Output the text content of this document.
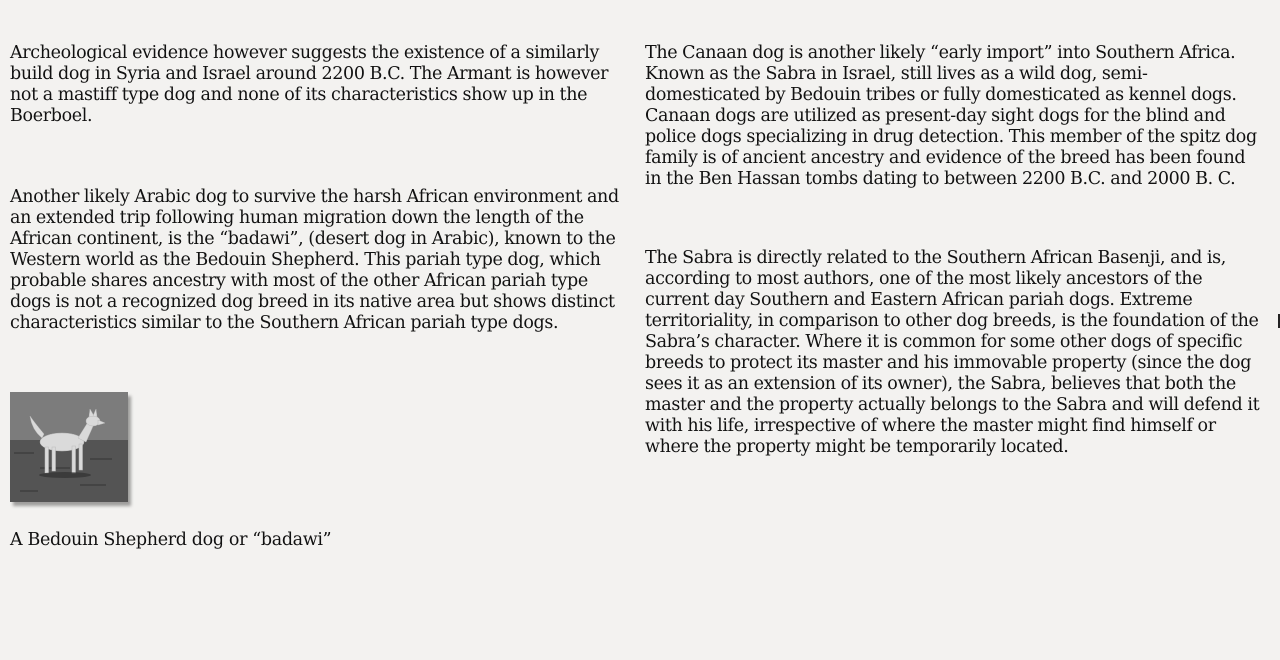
Archeological evidence however suggests the existence of a similarly build dog in Syria and Israel around 2200 B.C. The Armant is however not a mastiff type dog and none of its characteristics show up in the Boerboel.

Another likely Arabic dog to survive the harsh African environment and an extended trip following human migration down the length of the African continent, is the “badawi”, (desert dog in Arabic), known to the Western world as the Bedouin Shepherd. This pariah type dog, which probable shares ancestry with most of the other African pariah type dogs is not a recognized dog breed in its native area but shows distinct characteristics similar to the Southern African pariah type dogs.

A Bedouin Shepherd dog or “badawi”

The Canaan dog is another likely “early import” into Southern Africa. Known as the Sabra in Israel, still lives as a wild dog, semi-domesticated by Bedouin tribes or fully domesticated as kennel dogs. Canaan dogs are utilized as present-day sight dogs for the blind and police dogs specializing in drug detection. This member of the spitz dog family is of ancient ancestry and evidence of the breed has been found in the Ben Hassan tombs dating to between 2200 B.C. and 2000 B. C.

The Sabra is directly related to the Southern African Basenji, and is, according to most authors, one of the most likely ancestors of the current day Southern and Eastern African pariah dogs. Extreme territoriality, in comparison to other dog breeds, is the foundation of the Sabra’s character. Where it is common for some other dogs of specific breeds to protect its master and his immovable property (since the dog sees it as an extension of its owner), the Sabra, believes that both the master and the property actually belongs to the Sabra and will defend it with his life, irrespective of where the master might find himself or where the property might be temporarily located.
